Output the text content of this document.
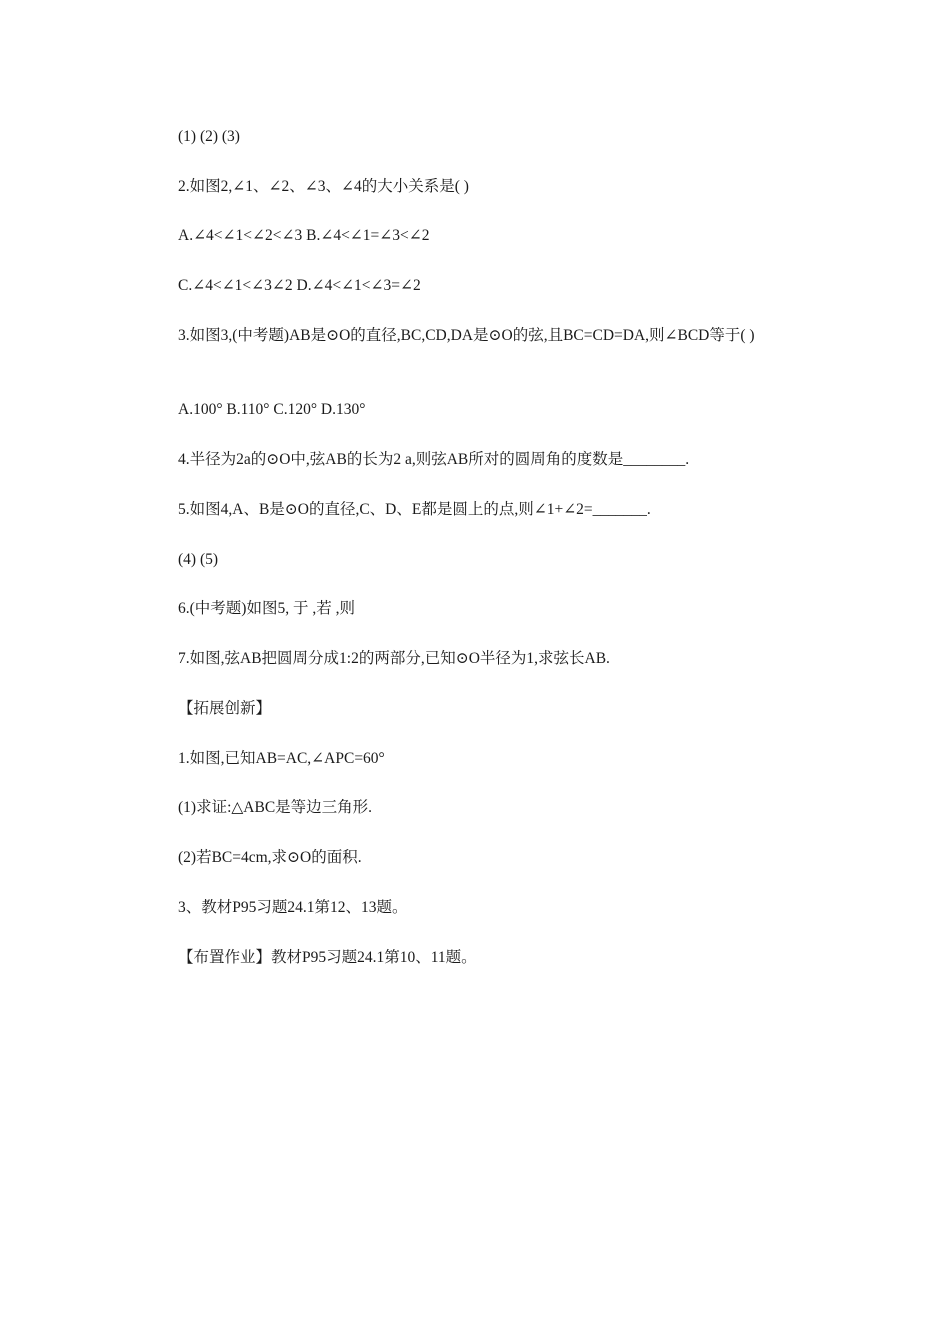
(1) (2) (3)

2.如图2,∠1、∠2、∠3、∠4的大小关系是( )

A.∠4<∠1<∠2<∠3 B.∠4<∠1=∠3<∠2

C.∠4<∠1<∠3∠2 D.∠4<∠1<∠3=∠2

3.如图3,(中考题)AB是⊙O的直径,BC,CD,DA是⊙O的弦,且BC=CD=DA,则∠BCD等于( )

A.100° B.110° C.120° D.130°

4.半径为2a的⊙O中,弦AB的长为2 a,则弦AB所对的圆周角的度数是________.

5.如图4,A、B是⊙O的直径,C、D、E都是圆上的点,则∠1+∠2=_______.

(4) (5)

6.(中考题)如图5, 于 ,若 ,则

7.如图,弦AB把圆周分成1:2的两部分,已知⊙O半径为1,求弦长AB.

【拓展创新】

1.如图,已知AB=AC,∠APC=60°

(1)求证:△ABC是等边三角形.

(2)若BC=4cm,求⊙O的面积.

3、教材P95习题24.1第12、13题。

【布置作业】教材P95习题24.1第10、11题。
